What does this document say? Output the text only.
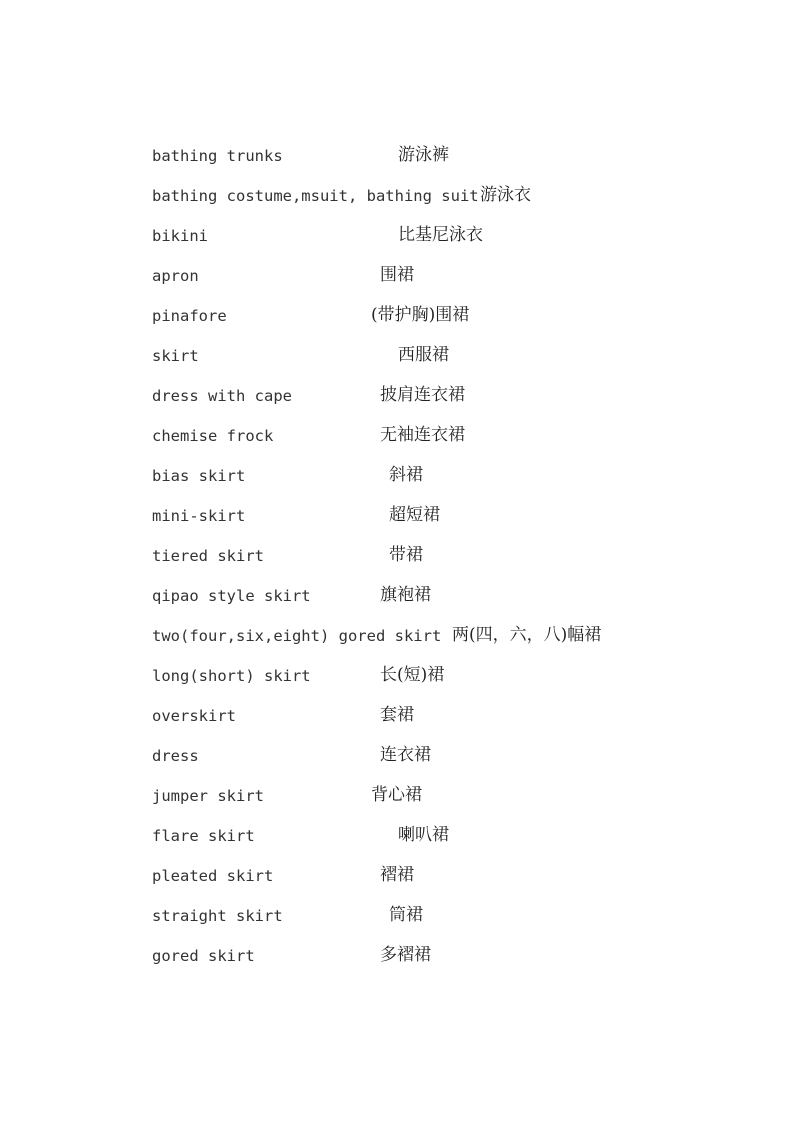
bathing trunks	游泳裤
bathing costume,msuit, bathing suit 游泳衣
bikini	比基尼泳衣
apron	围裙
pinafore	(带护胸)围裙
skirt	西服裙
dress with cape	披肩连衣裙
chemise frock	无袖连衣裙
bias skirt	斜裙
mini-skirt	超短裙
tiered skirt	带裙
qipao style skirt	旗袍裙
two(four,six,eight) gored skirt 两(四，六，八)幅裙
long(short) skirt	长(短)裙
overskirt	套裙
dress	连衣裙
jumper skirt	背心裙
flare skirt	喇叭裙
pleated skirt	褶裙
straight skirt	筒裙
gored skirt	多褶裙
